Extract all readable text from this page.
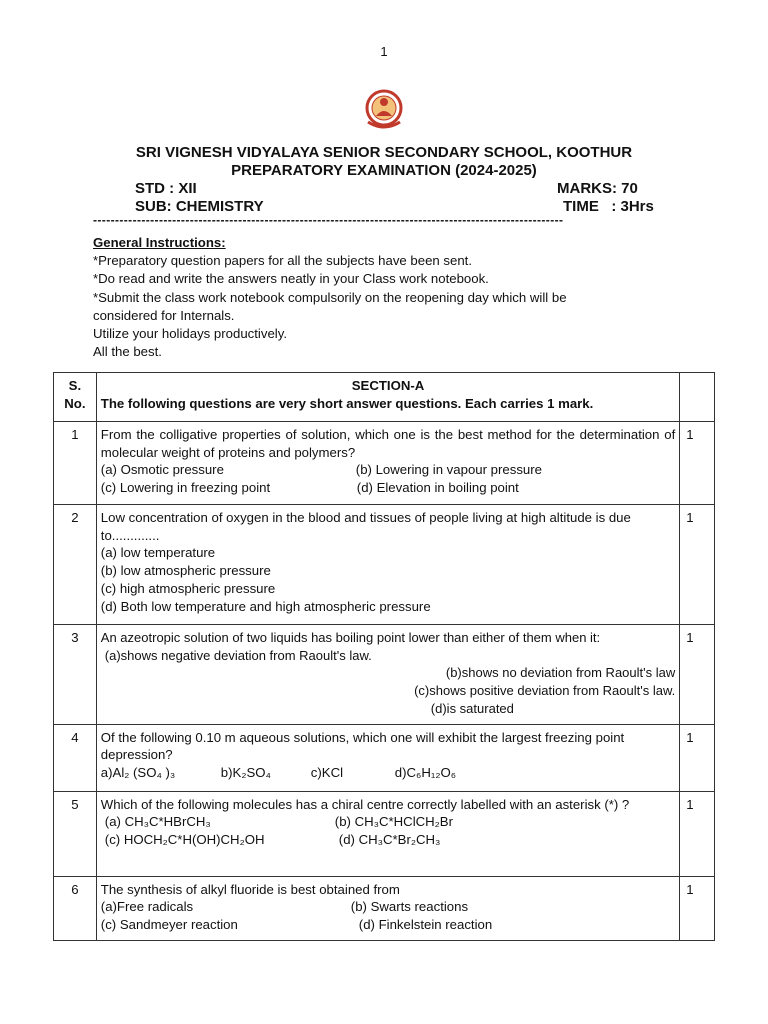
1
SRI VIGNESH VIDYALAYA SENIOR SECONDARY SCHOOL, KOOTHUR
PREPARATORY EXAMINATION (2024-2025)
STD : XII	MARKS: 70
SUB: CHEMISTRY	TIME   : 3Hrs
-----------------------------------------------------------------------------------------------------------
General Instructions:
*Preparatory question papers for all the subjects have been sent.
*Do read and write the answers neatly in your Class work notebook.
*Submit the class work notebook compulsorily on the reopening day which will be considered for Internals.
Utilize your holidays productively.
All the best.
S. No.	SECTION-A
The following questions are very short answer questions. Each carries 1 mark.	

1	From the colligative properties of solution, which one is the best method for the determination of molecular weight of proteins and polymers?
(a) Osmotic pressure (b) Lowering in vapour pressure
(c) Lowering in freezing point (d) Elevation in boiling point	1
2	Low concentration of oxygen in the blood and tissues of people living at high altitude is due to.............
(a) low temperature
(b) low atmospheric pressure
(c) high atmospheric pressure
(d) Both low temperature and high atmospheric pressure	1
3	An azeotropic solution of two liquids has boiling point lower than either of them when it:
(a)shows negative deviation from Raoult's law.
(b)shows no deviation from Raoult's law
(c)shows positive deviation from Raoult's law.
(d)is saturated	1
4	Of the following 0.10 m aqueous solutions, which one will exhibit the largest freezing point depression?
a)Al₂ (SO₄ )₃ b)K₂SO₄ c)KCl d)C₆H₁₂O₆	1
5	Which of the following molecules has a chiral centre correctly labelled with an asterisk (*) ?
(a) CH₃C*HBrCH₃ (b) CH₃C*HClCH₂Br
(c) HOCH₂C*H(OH)CH₂OH (d) CH₃C*Br₂CH₃	1
6	The synthesis of alkyl fluoride is best obtained from
(a)Free radicals (b) Swarts reactions
(c) Sandmeyer reaction (d) Finkelstein reaction	1
